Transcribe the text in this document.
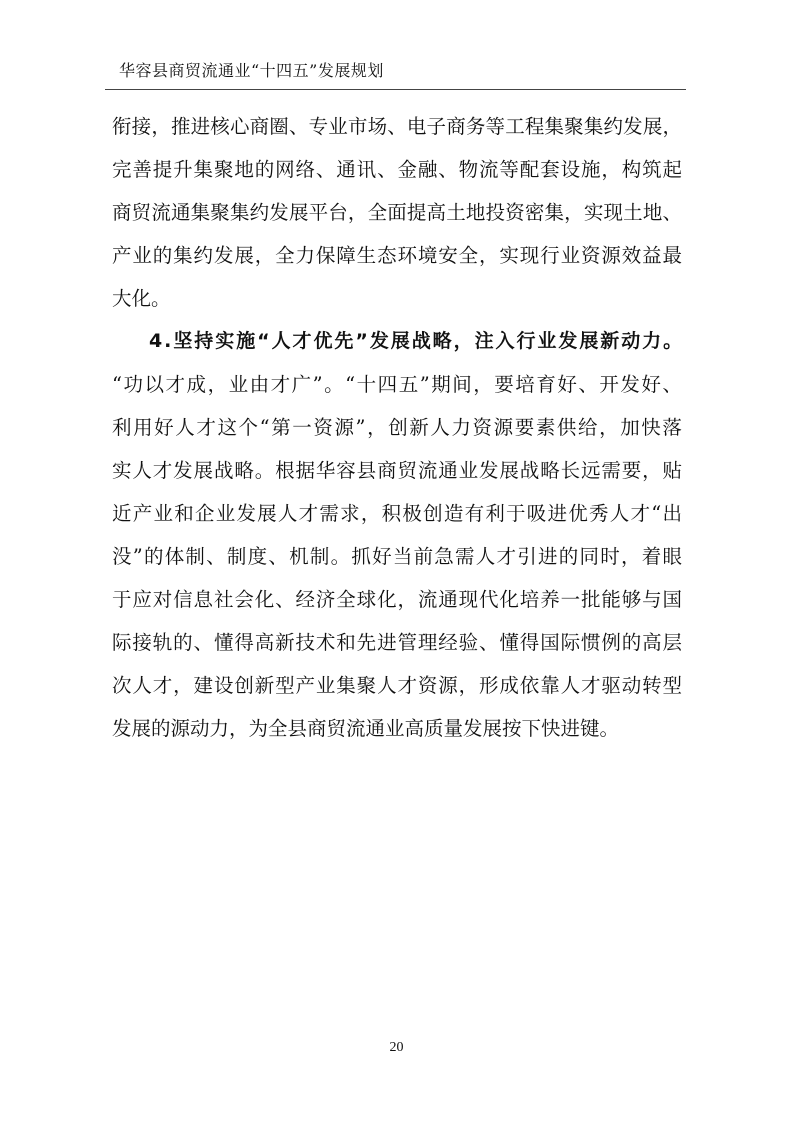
华容县商贸流通业“十四五”发展规划
衔接，推进核心商圈、专业市场、电子商务等工程集聚集约发展，
完善提升集聚地的网络、通讯、金融、物流等配套设施，构筑起
商贸流通集聚集约发展平台，全面提高土地投资密集，实现土地、
产业的集约发展，全力保障生态环境安全，实现行业资源效益最
大化。
4.坚持实施“人才优先”发展战略，注入行业发展新动力。
“功以才成，业由才广”。“十四五”期间，要培育好、开发好、
利用好人才这个“第一资源”，创新人力资源要素供给，加快落
实人才发展战略。根据华容县商贸流通业发展战略长远需要，贴
近产业和企业发展人才需求，积极创造有利于吸进优秀人才“出
没”的体制、制度、机制。抓好当前急需人才引进的同时，着眼
于应对信息社会化、经济全球化，流通现代化培养一批能够与国
际接轨的、懂得高新技术和先进管理经验、懂得国际惯例的高层
次人才，建设创新型产业集聚人才资源，形成依靠人才驱动转型
发展的源动力，为全县商贸流通业高质量发展按下快进键。
20
